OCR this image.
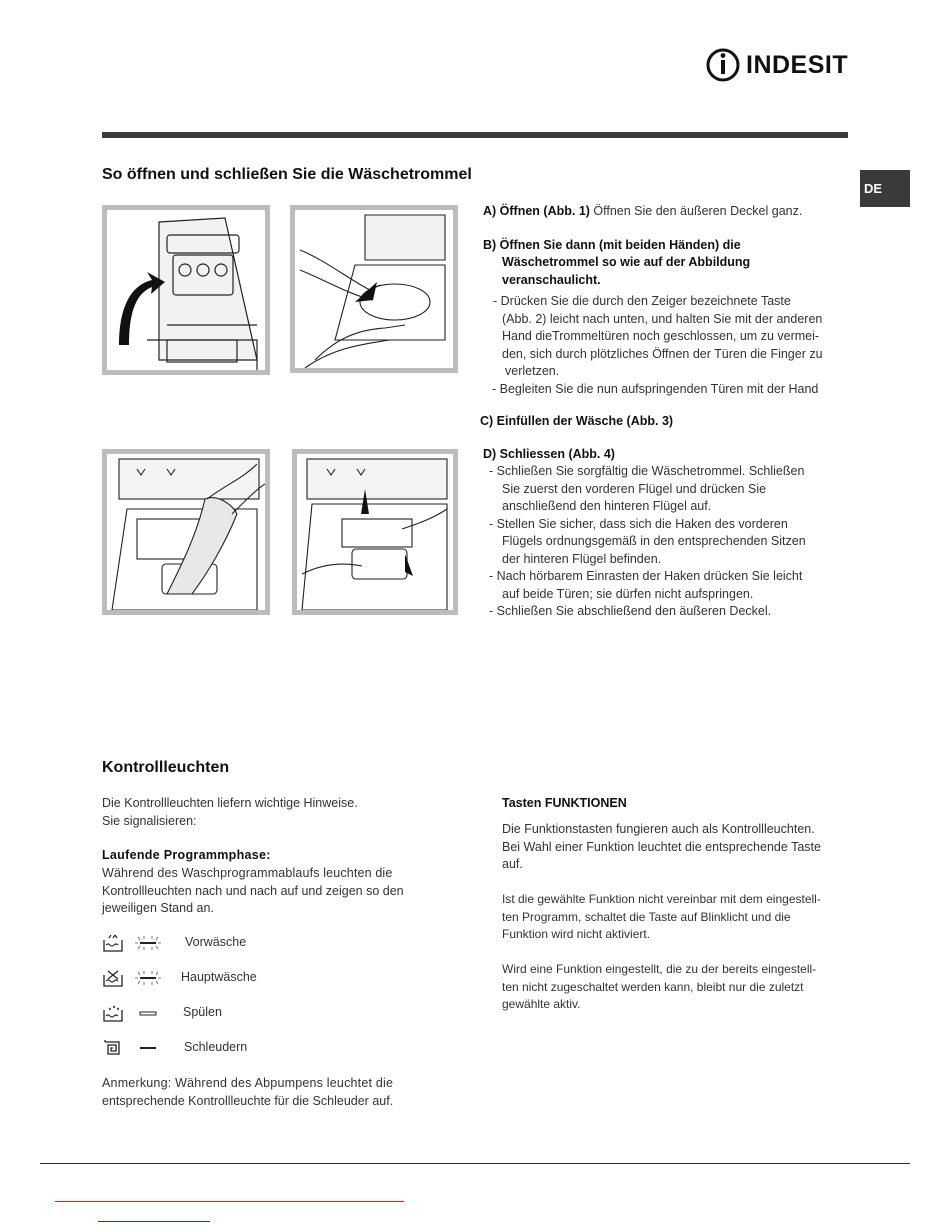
INDESIT
DE
So öffnen und schließen Sie die Wäschetrommel

A) Öffnen (Abb. 1) Öffnen Sie den äußeren Deckel ganz.

B) Öffnen Sie dann (mit beiden Händen) die

Wäschetrommel so wie auf der Abbildung

veranschaulicht.

- Drücken Sie die durch den Zeiger bezeichnete Taste

(Abb. 2) leicht nach unten, und halten Sie mit der anderen

Hand dieTrommeltüren noch geschlossen, um zu vermei-

den, sich durch plötzliches Öffnen der Türen die Finger zu

verletzen.

- Begleiten Sie die nun aufspringenden Türen mit der Hand

C) Einfüllen der Wäsche (Abb. 3)

D) Schliessen (Abb. 4)

- Schließen Sie sorgfältig die Wäschetrommel. Schließen

Sie zuerst den vorderen Flügel und drücken Sie

anschließend den hinteren Flügel auf.

- Stellen Sie sicher, dass sich die Haken des vorderen

Flügels ordnungsgemäß in den entsprechenden Sitzen

der hinteren Flügel befinden.

- Nach hörbarem Einrasten der Haken drücken Sie leicht

auf beide Türen; sie dürfen nicht aufspringen.

- Schließen Sie abschließend den äußeren Deckel.

Kontrollleuchten
Die Kontrollleuchten liefern wichtige Hinweise.
Sie signalisieren:
Laufende Programmphase:
Während des Waschprogrammablaufs leuchten die
Kontrollleuchten nach und nach auf und zeigen so den
jeweiligen Stand an.
Vorwäsche
Hauptwäsche
Spülen
Schleudern
Anmerkung: Während des Abpumpens leuchtet die
entsprechende Kontrollleuchte für die Schleuder auf.
Tasten FUNKTIONEN
Die Funktionstasten fungieren auch als Kontrollleuchten.
Bei Wahl einer Funktion leuchtet die entsprechende Taste
auf.
Ist die gewählte Funktion nicht vereinbar mit dem eingestell-
ten Programm, schaltet die Taste auf Blinklicht und die
Funktion wird nicht aktiviert.
Wird eine Funktion eingestellt, die zu der bereits eingestell-
ten nicht zugeschaltet werden kann, bleibt nur die zuletzt
gewählte aktiv.
